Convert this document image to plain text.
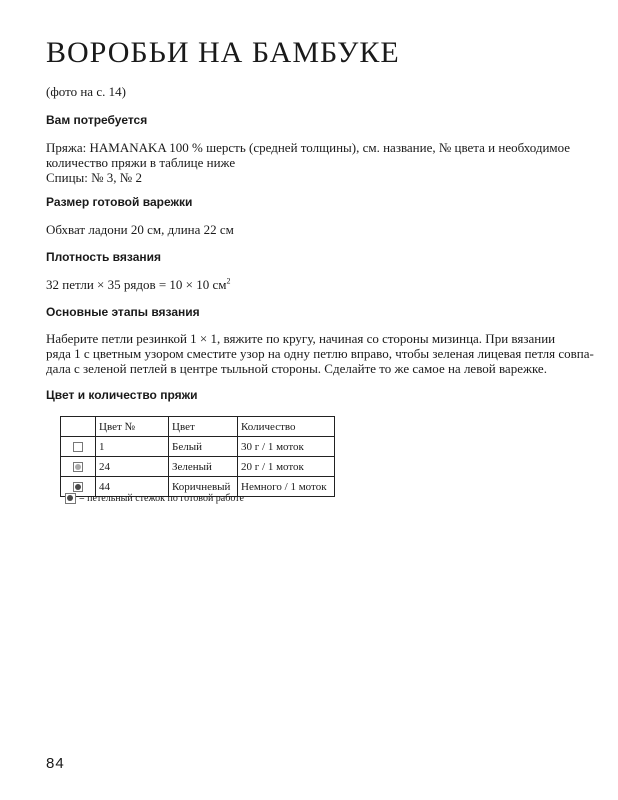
ВОРОБЬИ НА БАМБУКЕ
(фото на с. 14)
Вам потребуется
Пряжа: HAMANAKA 100 % шерсть (средней толщины), см. название, № цвета и необходимое
количество пряжи в таблице ниже
Спицы: № 3, № 2
Размер готовой варежки
Обхват ладони 20 см, длина 22 см
Плотность вязания
32 петли × 35 рядов = 10 × 10 $см^2$
Основные этапы вязания
Наберите петли резинкой 1 × 1, вяжите по кругу, начиная со стороны мизинца. При вязании
ряда 1 с цветным узором сместите узор на одну петлю вправо, чтобы зеленая лицевая петля совпа-
дала с зеленой петлей в центре тыльной стороны. Сделайте то же самое на левой варежке.
Цвет и количество пряжи
	Цвет №	Цвет	Количество
	1	Белый	30 г / 1 моток

	24	Зеленый	20 г / 1 моток

	44	Коричневый	Немного / 1 моток
= петельный стежок по готовой работе
84
